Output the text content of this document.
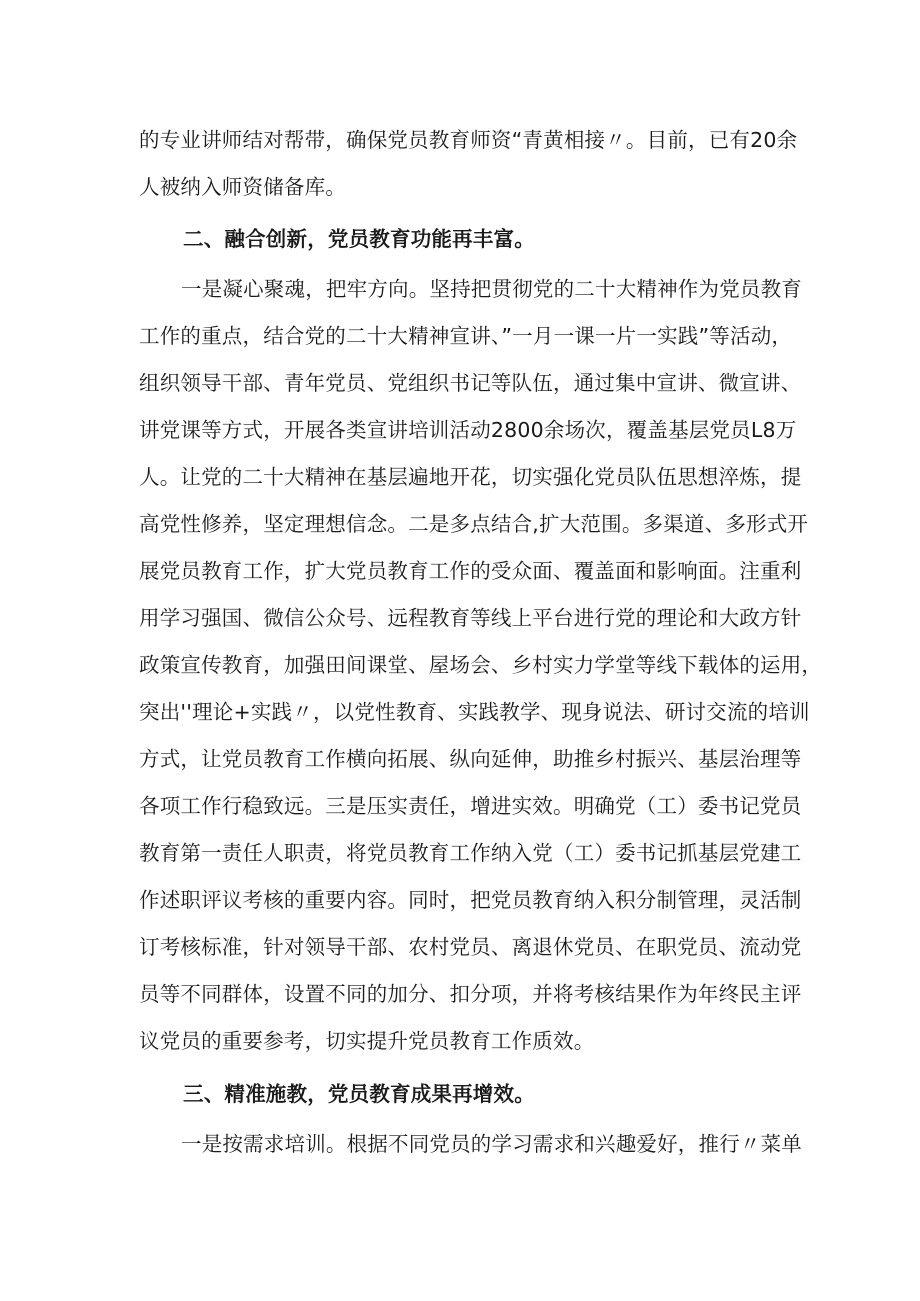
的专业讲师结对帮带，确保党员教育师资“青黄相接〃。目前，已有20余
人被纳入师资储备库。
二、融合创新，党员教育功能再丰富。
一是凝心聚魂，把牢方向。坚持把贯彻党的二十大精神作为党员教育
工作的重点，结合党的二十大精神宣讲、”一月一课一片一实践”等活动，
组织领导干部、青年党员、党组织书记等队伍，通过集中宣讲、微宣讲、
讲党课等方式，开展各类宣讲培训活动2800余场次，覆盖基层党员L8万
人。让党的二十大精神在基层遍地开花，切实强化党员队伍思想淬炼，提
高党性修养，坚定理想信念。二是多点结合,扩大范围。多渠道、多形式开
展党员教育工作，扩大党员教育工作的受众面、覆盖面和影响面。注重利
用学习强国、微信公众号、远程教育等线上平台进行党的理论和大政方针
政策宣传教育，加强田间课堂、屋场会、乡村实力学堂等线下载体的运用，
突出''理论+实践〃，以党性教育、实践教学、现身说法、研讨交流的培训
方式，让党员教育工作横向拓展、纵向延伸，助推乡村振兴、基层治理等
各项工作行稳致远。三是压实责任，增进实效。明确党（工）委书记党员
教育第一责任人职责，将党员教育工作纳入党（工）委书记抓基层党建工
作述职评议考核的重要内容。同时，把党员教育纳入积分制管理，灵活制
订考核标准，针对领导干部、农村党员、离退休党员、在职党员、流动党
员等不同群体，设置不同的加分、扣分项，并将考核结果作为年终民主评
议党员的重要参考，切实提升党员教育工作质效。
三、精准施教，党员教育成果再增效。
一是按需求培训。根据不同党员的学习需求和兴趣爱好，推行〃菜单
